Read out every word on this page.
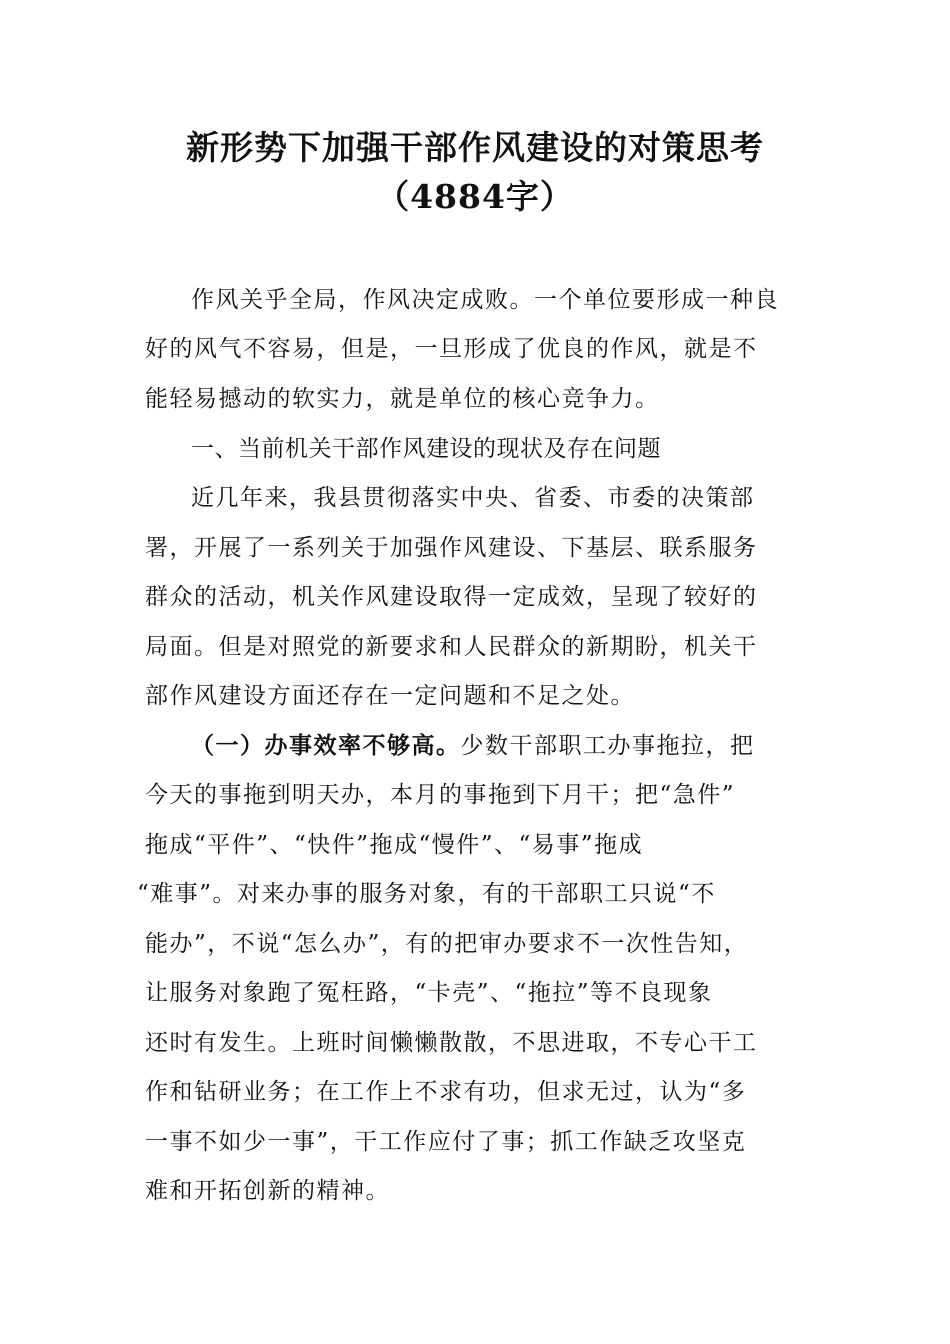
新形势下加强干部作风建设的对策思考
（4884字）
作风关乎全局，作风决定成败。一个单位要形成一种良
好的风气不容易，但是，一旦形成了优良的作风，就是不
能轻易撼动的软实力，就是单位的核心竞争力。
一、当前机关干部作风建设的现状及存在问题
近几年来，我县贯彻落实中央、省委、市委的决策部
署，开展了一系列关于加强作风建设、下基层、联系服务
群众的活动，机关作风建设取得一定成效，呈现了较好的
局面。但是对照党的新要求和人民群众的新期盼，机关干
部作风建设方面还存在一定问题和不足之处。
（一）办事效率不够高。少数干部职工办事拖拉，把
今天的事拖到明天办，本月的事拖到下月干；把“急件”
拖成“平件”、“快件”拖成“慢件”、“易事”拖成
“难事”。对来办事的服务对象，有的干部职工只说“不
能办”，不说“怎么办”，有的把审办要求不一次性告知，
让服务对象跑了冤枉路，“卡壳”、“拖拉”等不良现象
还时有发生。上班时间懒懒散散，不思进取，不专心干工
作和钻研业务；在工作上不求有功，但求无过，认为“多
一事不如少一事”，干工作应付了事；抓工作缺乏攻坚克
难和开拓创新的精神。
